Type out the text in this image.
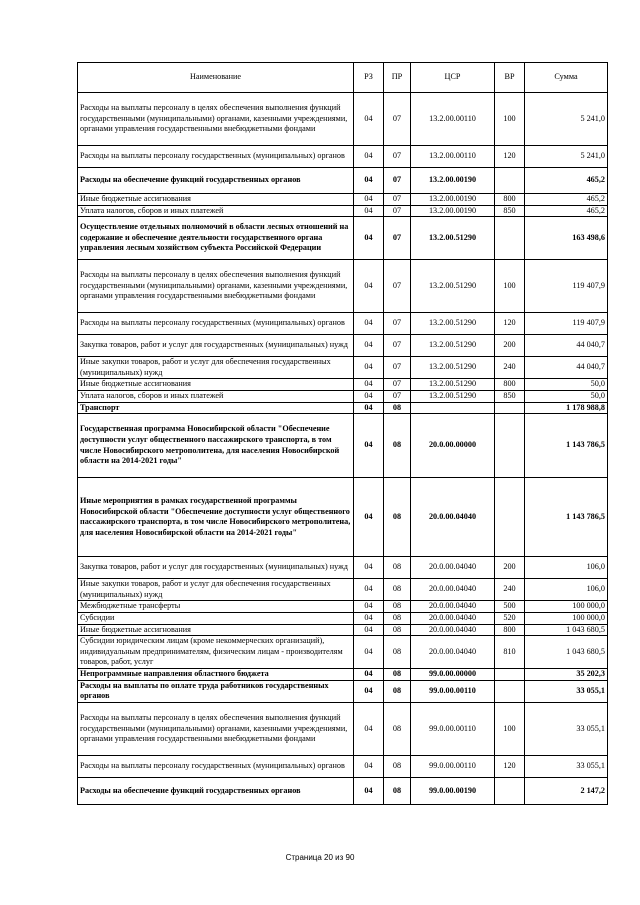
Наименование	РЗ	ПР	ЦСР	ВР	Сумма
Расходы на выплаты персоналу в целях обеспечения выполнения функций государственными (муниципальными) органами, казенными учреждениями, органами управления государственными внебюджетными фондами	04	07	13.2.00.00110	100	5 241,0
Расходы на выплаты персоналу государственных (муниципальных) органов	04	07	13.2.00.00110	120	5 241,0
Расходы на обеспечение функций государственных органов	04	07	13.2.00.00190		465,2
Иные бюджетные ассигнования	04	07	13.2.00.00190	800	465,2
Уплата налогов, сборов и иных платежей	04	07	13.2.00.00190	850	465,2
Осуществление отдельных полномочий в области лесных отношений на содержание и обеспечение деятельности государственного органа управления лесным хозяйством субъекта Российской Федерации	04	07	13.2.00.51290		163 498,6
Расходы на выплаты персоналу в целях обеспечения выполнения функций государственными (муниципальными) органами, казенными учреждениями, органами управления государственными внебюджетными фондами	04	07	13.2.00.51290	100	119 407,9
Расходы на выплаты персоналу государственных (муниципальных) органов	04	07	13.2.00.51290	120	119 407,9
Закупка товаров, работ и услуг для государственных (муниципальных) нужд	04	07	13.2.00.51290	200	44 040,7
Иные закупки товаров, работ и услуг для обеспечения государственных (муниципальных) нужд	04	07	13.2.00.51290	240	44 040,7
Иные бюджетные ассигнования	04	07	13.2.00.51290	800	50,0
Уплата налогов, сборов и иных платежей	04	07	13.2.00.51290	850	50,0
Транспорт	04	08			1 178 988,8
Государственная программа Новосибирской области "Обеспечение доступности услуг общественного пассажирского транспорта, в том числе Новосибирского метрополитена, для населения Новосибирской области на 2014-2021 годы"	04	08	20.0.00.00000		1 143 786,5
Иные мероприятия в рамках государственной программы Новосибирской области "Обеспечение доступности услуг общественного пассажирского транспорта, в том числе Новосибирского метрополитена, для населения Новосибирской области на 2014-2021 годы"	04	08	20.0.00.04040		1 143 786,5
Закупка товаров, работ и услуг для государственных (муниципальных) нужд	04	08	20.0.00.04040	200	106,0
Иные закупки товаров, работ и услуг для обеспечения государственных (муниципальных) нужд	04	08	20.0.00.04040	240	106,0
Межбюджетные трансферты	04	08	20.0.00.04040	500	100 000,0
Субсидии	04	08	20.0.00.04040	520	100 000,0
Иные бюджетные ассигнования	04	08	20.0.00.04040	800	1 043 680,5
Субсидии юридическим лицам (кроме некоммерческих организаций), индивидуальным предпринимателям, физическим лицам - производителям товаров, работ, услуг	04	08	20.0.00.04040	810	1 043 680,5
Непрограммные направления областного бюджета	04	08	99.0.00.00000		35 202,3
Расходы на выплаты по оплате труда работников государственных органов	04	08	99.0.00.00110		33 055,1
Расходы на выплаты персоналу в целях обеспечения выполнения функций государственными (муниципальными) органами, казенными учреждениями, органами управления государственными внебюджетными фондами	04	08	99.0.00.00110	100	33 055,1
Расходы на выплаты персоналу государственных (муниципальных) органов	04	08	99.0.00.00110	120	33 055,1
Расходы на обеспечение функций государственных органов	04	08	99.0.00.00190		2 147,2
Страница 20 из 90
